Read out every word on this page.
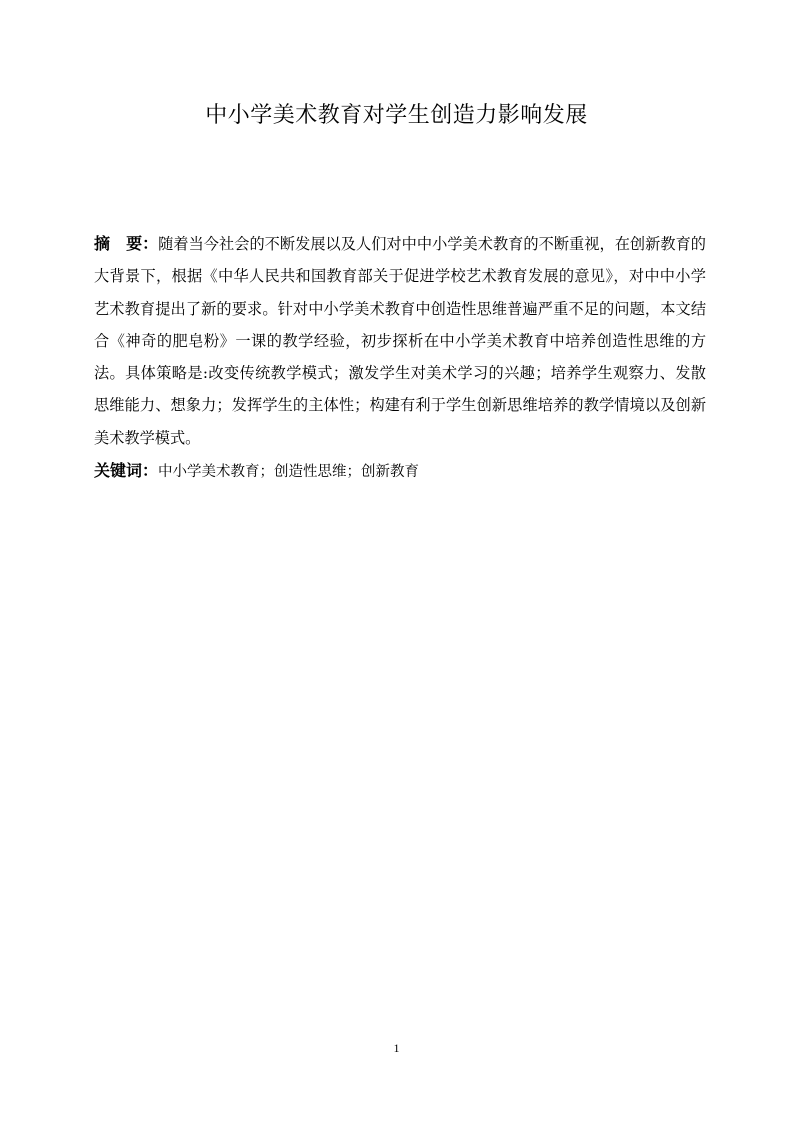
中小学美术教育对学生创造力影响发展
摘　要：随着当今社会的不断发展以及人们对中中小学美术教育的不断重视，在创新教育的大背景下，根据《中华人民共和国教育部关于促进学校艺术教育发展的意见》，对中中小学艺术教育提出了新的要求。针对中小学美术教育中创造性思维普遍严重不足的问题，本文结合《神奇的肥皂粉》一课的教学经验，初步探析在中小学美术教育中培养创造性思维的方法。具体策略是:改变传统教学模式；激发学生对美术学习的兴趣；培养学生观察力、发散思维能力、想象力；发挥学生的主体性；构建有利于学生创新思维培养的教学情境以及创新美术教学模式。
关键词：中小学美术教育；创造性思维；创新教育
1
